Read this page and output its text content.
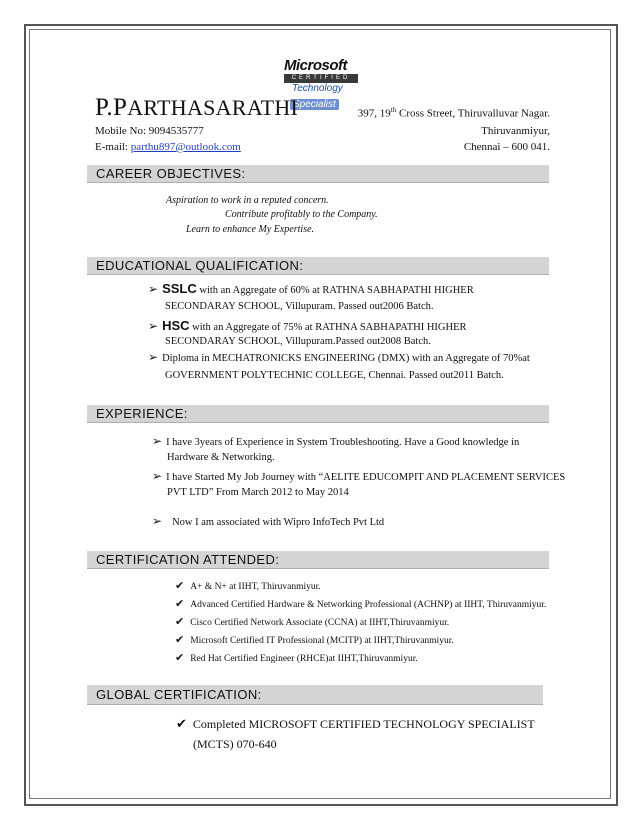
Microsoft
CERTIFIED
Technology
Specialist
P.PARTHASARATHI
Mobile No: 9094535777
E-mail: parthu897@outlook.com
397, 19th Cross Street, Thiruvalluvar Nagar.
Thiruvanmiyur,
Chennai – 600 041.
CAREER OBJECTIVES:
Aspiration to work in a reputed concern.
Contribute profitably to the Company.
Learn to enhance My Expertise.
EDUCATIONAL QUALIFICATION:
➢ SSLC with an Aggregate of 60% at RATHNA SABHAPATHI HIGHER
SECONDARAY SCHOOL, Villupuram. Passed out2006 Batch.
➢ HSC with an Aggregate of 75% at RATHNA SABHAPATHI HIGHER
SECONDARAY SCHOOL, Villupuram.Passed out2008 Batch.
➢ Diploma in MECHATRONICKS ENGINEERING (DMX) with an Aggregate of 70%at
GOVERNMENT POLYTECHNIC COLLEGE, Chennai. Passed out2011 Batch.
EXPERIENCE:
➢ I have 3years of Experience in System Troubleshooting. Have a Good knowledge in
Hardware & Networking.
➢ I have Started My Job Journey with “AELITE EDUCOMPIT AND PLACEMENT SERVICES
PVT LTD” From March 2012 to May 2014
➢ Now I am associated with Wipro InfoTech Pvt Ltd
CERTIFICATION ATTENDED:
✔ A+ & N+ at IIHT, Thiruvanmiyur.
✔ Advanced Certified Hardware & Networking Professional (ACHNP) at IIHT, Thiruvanmiyur.
✔ Cisco Certified Network Associate (CCNA) at IIHT,Thiruvanmiyur.
✔ Microsoft Certified IT Professional (MCITP) at IIHT,Thiruvanmiyur.
✔ Red Hat Certified Engineer (RHCE)at IIHT,Thiruvanmiyur.
GLOBAL CERTIFICATION:
✔ Completed MICROSOFT CERTIFIED TECHNOLOGY SPECIALIST
(MCTS) 070-640
